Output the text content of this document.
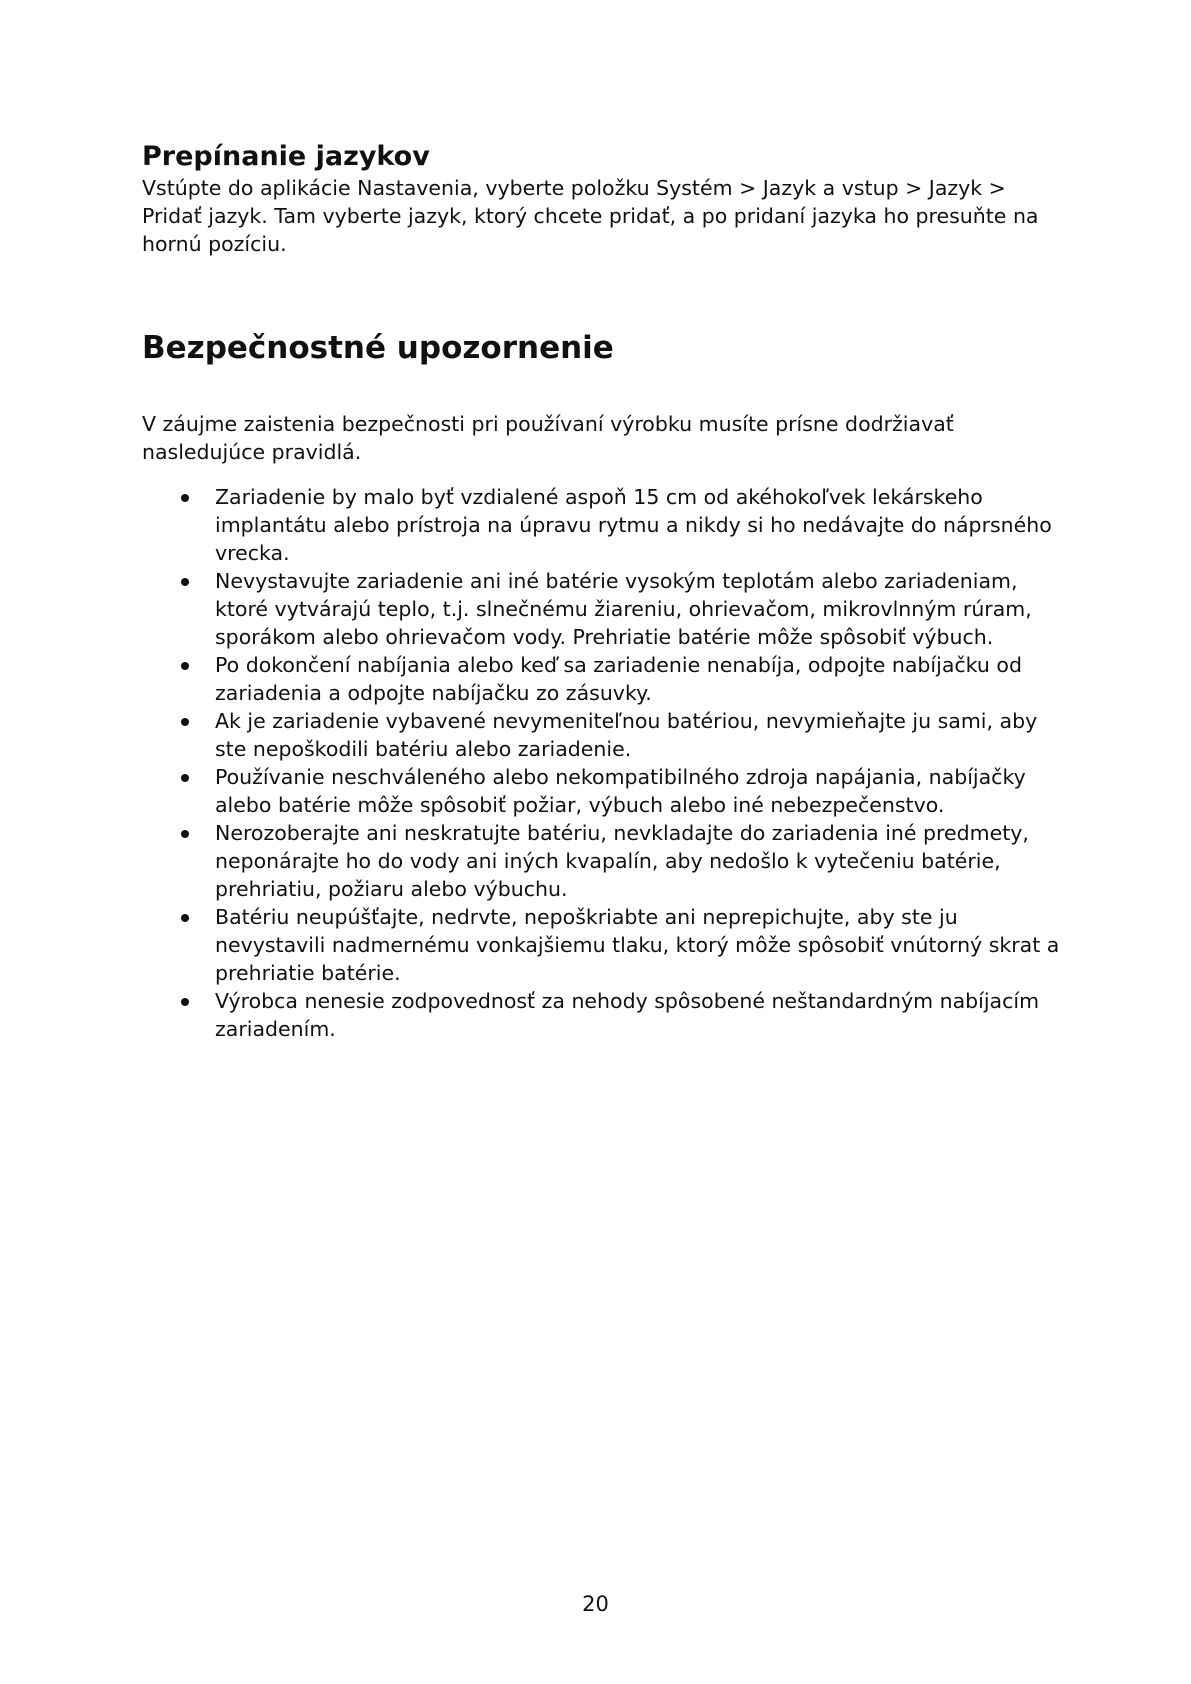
Prepínanie jazykov

Vstúpte do aplikácie Nastavenia, vyberte položku Systém > Jazyk a vstup > Jazyk > Pridať jazyk. Tam vyberte jazyk, ktorý chcete pridať, a po pridaní jazyka ho presuňte na hornú pozíciu.

Bezpečnostné upozornenie

V záujme zaistenia bezpečnosti pri používaní výrobku musíte prísne dodržiavať nasledujúce pravidlá.

Zariadenie by malo byť vzdialené aspoň 15 cm od akéhokoľvek lekárskeho implantátu alebo prístroja na úpravu rytmu a nikdy si ho nedávajte do náprsného vrecka.
Nevystavujte zariadenie ani iné batérie vysokým teplotám alebo zariadeniam, ktoré vytvárajú teplo, t.j. slnečnému žiareniu, ohrievačom, mikrovlnným rúram, sporákom alebo ohrievačom vody. Prehriatie batérie môže spôsobiť výbuch.
Po dokončení nabíjania alebo keď sa zariadenie nenabíja, odpojte nabíjačku od zariadenia a odpojte nabíjačku zo zásuvky.
Ak je zariadenie vybavené nevymeniteľnou batériou, nevymieňajte ju sami, aby ste nepoškodili batériu alebo zariadenie.
Používanie neschváleného alebo nekompatibilného zdroja napájania, nabíjačky alebo batérie môže spôsobiť požiar, výbuch alebo iné nebezpečenstvo.
Nerozoberajte ani neskratujte batériu, nevkladajte do zariadenia iné predmety, neponárajte ho do vody ani iných kvapalín, aby nedošlo k vytečeniu batérie, prehriatiu, požiaru alebo výbuchu.
Batériu neupúšťajte, nedrvte, nepoškriabte ani neprepichujte, aby ste ju nevystavili nadmernému vonkajšiemu tlaku, ktorý môže spôsobiť vnútorný skrat a prehriatie batérie.
Výrobca nenesie zodpovednosť za nehody spôsobené neštandardným nabíjacím zariadením.
20
